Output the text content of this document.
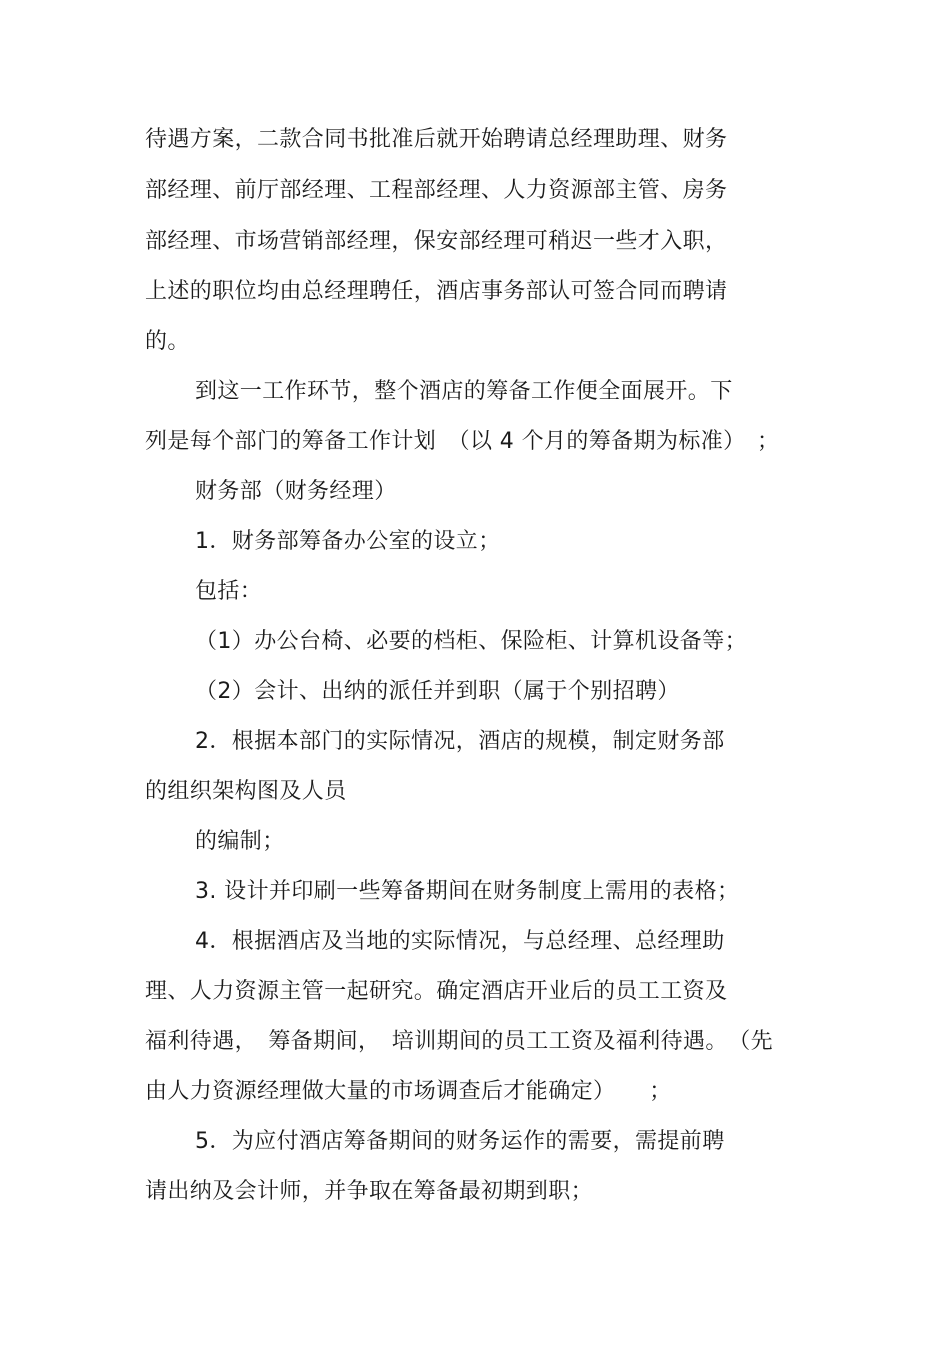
待遇方案，二款合同书批准后就开始聘请总经理助理、财务
部经理、前厅部经理、工程部经理、人力资源部主管、房务
部经理、市场营销部经理，保安部经理可稍迟一些才入职，
上述的职位均由总经理聘任，酒店事务部认可签合同而聘请
的。
到这一工作环节，整个酒店的筹备工作便全面展开。下
列是每个部门的筹备工作计划　（以 4 个月的筹备期为标准）　；
财务部（财务经理）
1．财务部筹备办公室的设立；
包括：
（1）办公台椅、必要的档柜、保险柜、计算机设备等；
（2）会计、出纳的派任并到职（属于个别招聘）
2．根据本部门的实际情况，酒店的规模，制定财务部
的组织架构图及人员
的编制；
3. 设计并印刷一些筹备期间在财务制度上需用的表格；
4．根据酒店及当地的实际情况，与总经理、总经理助
理、人力资源主管一起研究。确定酒店开业后的员工工资及
福利待遇，　筹备期间，　培训期间的员工工资及福利待遇。　（先
由人力资源经理做大量的市场调查后才能确定）　　；
5．为应付酒店筹备期间的财务运作的需要，需提前聘
请出纳及会计师，并争取在筹备最初期到职；
